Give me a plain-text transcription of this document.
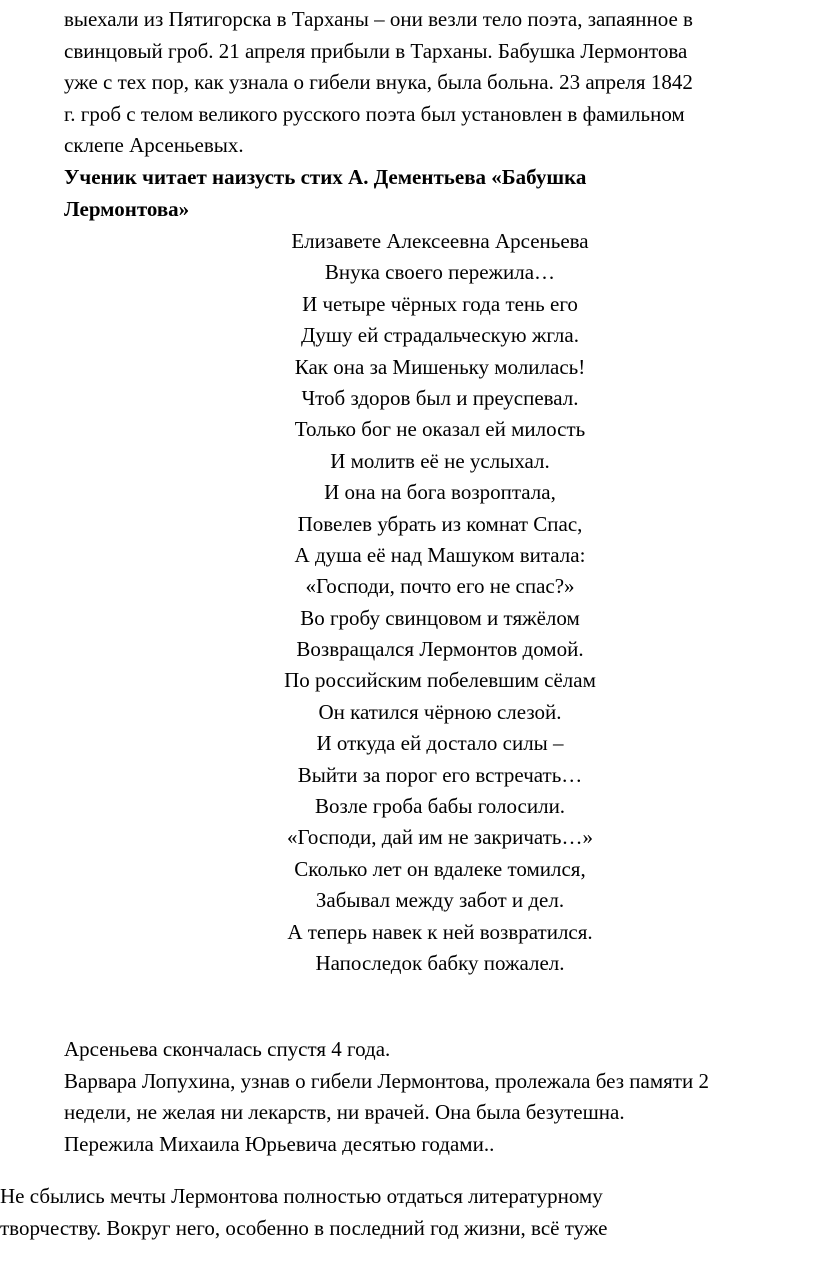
выехали из Пятигорска в Тарханы – они везли тело поэта, запаянное в
свинцовый гроб. 21 апреля прибыли в Тарханы. Бабушка Лермонтова
уже с тех пор, как узнала о гибели внука, была больна. 23 апреля 1842
г. гроб с телом великого русского поэта был установлен в фамильном
склепе Арсеньевых.

Ученик читает наизусть стих А. Дементьева «Бабушка
Лермонтова»

Елизавете Алексеевна Арсеньева
Внука своего пережила…
И четыре чёрных года тень его
Душу ей страдальческую жгла.
Как она за Мишеньку молилась!
Чтоб здоров был и преуспевал.
Только бог не оказал ей милость
И молитв её не услыхал.
И она на бога возроптала,
Повелев убрать из комнат Спас,
А душа её над Машуком витала:
«Господи, почто его не спас?»
Во гробу свинцовом и тяжёлом
Возвращался Лермонтов домой.
По российским побелевшим сёлам
Он катился чёрною слезой.
И откуда ей достало силы –
Выйти за порог его встречать…
Возле гроба бабы голосили.
«Господи, дай им не закричать…»
Сколько лет он вдалеке томился,
Забывал между забот и дел.
А теперь навек к ней возвратился.
Напоследок бабку пожалел.

Арсеньева скончалась спустя 4 года.
Варвара Лопухина, узнав о гибели Лермонтова, пролежала без памяти 2
недели, не желая ни лекарств, ни врачей. Она была безутешна.
Пережила Михаила Юрьевича десятью годами..

Не сбылись мечты Лермонтова полностью отдаться литературному
творчеству. Вокруг него, особенно в последний год жизни, всё туже
